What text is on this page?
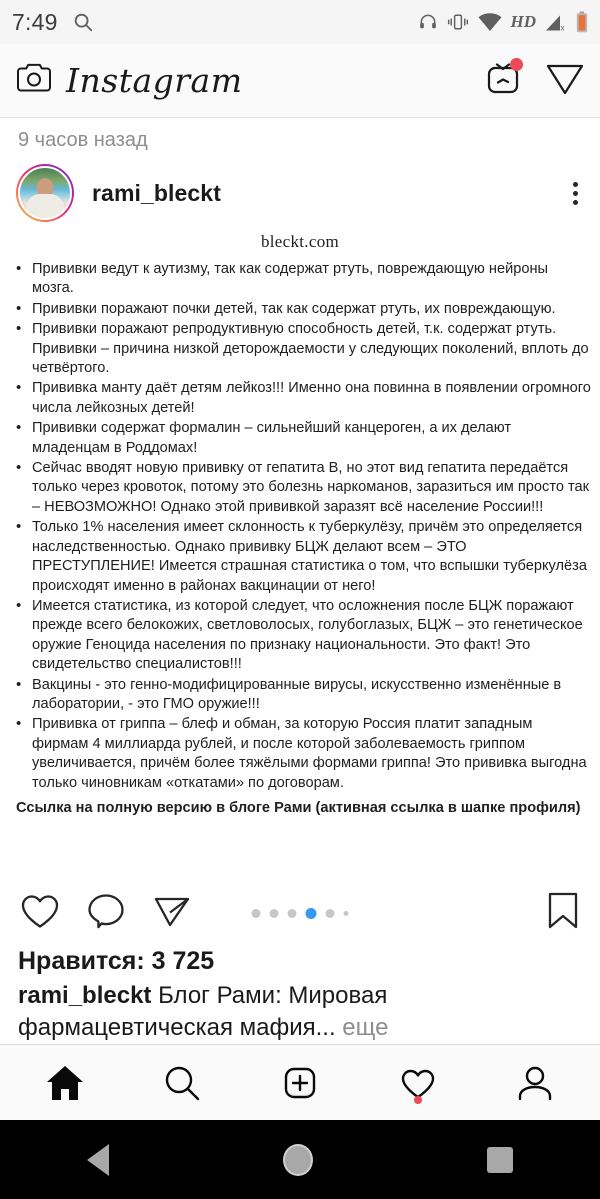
7:49	HD	x
Instagram
9 часов назад
rami_bleckt
bleckt.com
• Прививки ведут к аутизму, так как содержат ртуть, повреждающую нейроны мозга.
• Прививки поражают почки детей, так как содержат ртуть, их повреждающую.
• Прививки поражают репродуктивную способность детей, т.к. содержат ртуть. Прививки – причина низкой деторождаемости у следующих поколений, вплоть до четвёртого.
• Прививка манту даёт детям лейкоз!!! Именно она повинна в появлении огромного числа лейкозных детей!
• Прививки содержат формалин – сильнейший канцероген, а их делают младенцам в Роддомах!
• Сейчас вводят новую прививку от гепатита В, но этот вид гепатита передаётся только через кровоток, потому это болезнь наркоманов, заразиться им просто так – НЕВОЗМОЖНО! Однако этой прививкой заразят всё население России!!!
• Только 1% населения имеет склонность к туберкулёзу, причём это определяется наследственностью. Однако прививку БЦЖ делают всем – ЭТО ПРЕСТУПЛЕНИЕ! Имеется страшная статистика о том, что вспышки туберкулёза происходят именно в районах вакцинации от него!
• Имеется статистика, из которой следует, что осложнения после БЦЖ поражают прежде всего белокожих, светловолосых, голубоглазых, БЦЖ – это генетическое оружие Геноцида населения по признаку национальности. Это факт! Это свидетельство специалистов!!!
• Вакцины - это генно-модифицированные вирусы, искусственно изменённые в лаборатории, - это ГМО оружие!!!
• Прививка от гриппа – блеф и обман, за которую Россия платит западным фирмам 4 миллиарда рублей, и после которой заболеваемость гриппом увеличивается, причём более тяжёлыми формами гриппа! Это прививка выгодна только чиновникам «откатами» по договорам.
Ссылка на полную версию в блоге Рами (активная ссылка в шапке профиля)
Нравится: 3 725
rami_bleckt Блог Рами: Мировая фармацевтическая мафия... еще
